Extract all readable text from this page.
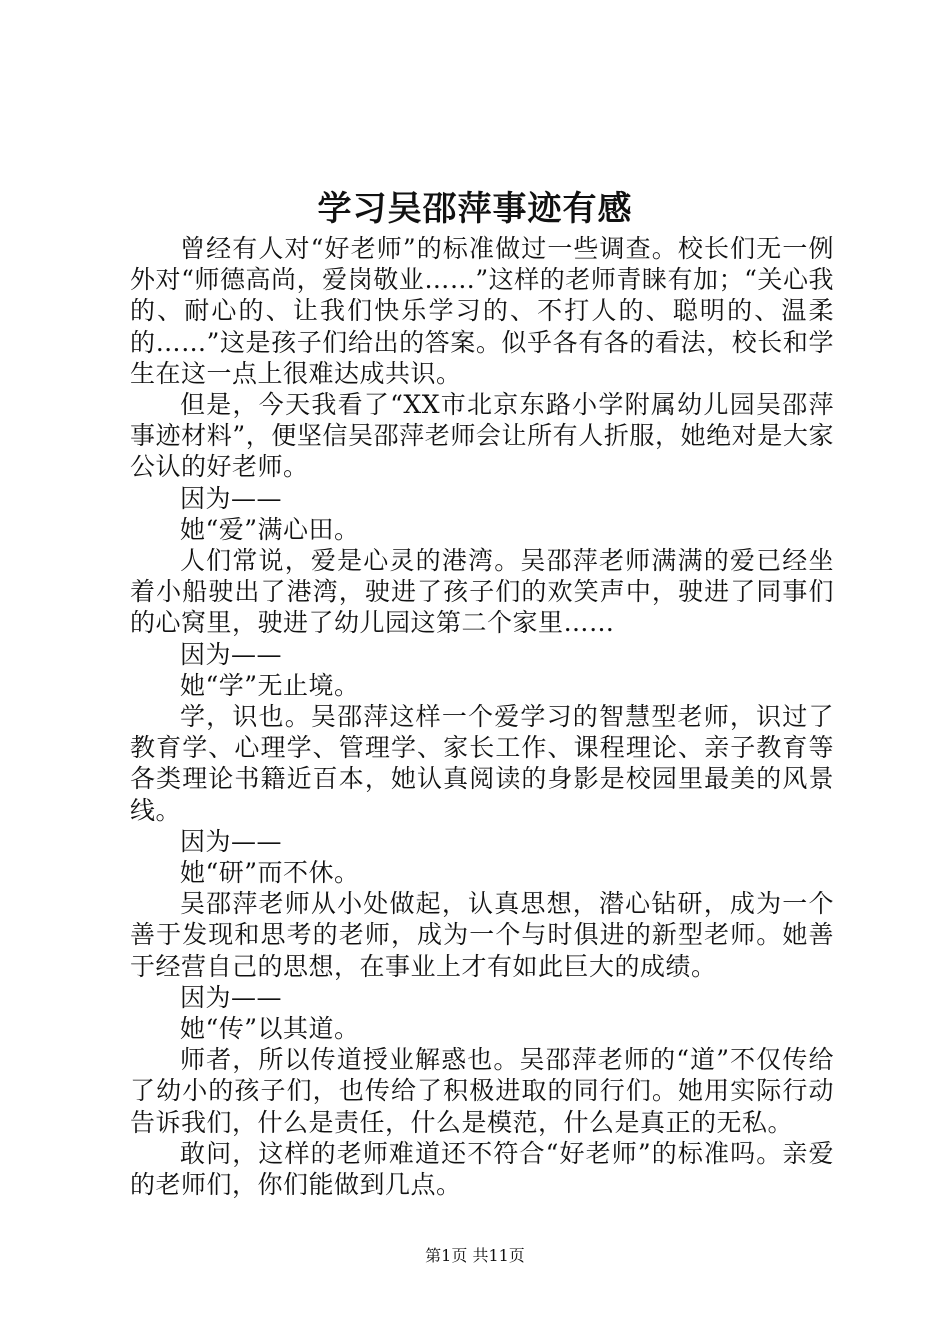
学习吴邵萍事迹有感

曾经有人对“好老师”的标准做过一些调查。校长们无一例外对“师德高尚，爱岗敬业……”这样的老师青睐有加；“关心我的、耐心的、让我们快乐学习的、不打人的、聪明的、温柔的……”这是孩子们给出的答案。似乎各有各的看法，校长和学生在这一点上很难达成共识。

但是，今天我看了“XX市北京东路小学附属幼儿园吴邵萍事迹材料”，便坚信吴邵萍老师会让所有人折服，她绝对是大家公认的好老师。

因为——

她“爱”满心田。

人们常说，爱是心灵的港湾。吴邵萍老师满满的爱已经坐着小船驶出了港湾，驶进了孩子们的欢笑声中，驶进了同事们的心窝里，驶进了幼儿园这第二个家里……

因为——

她“学”无止境。

学，识也。吴邵萍这样一个爱学习的智慧型老师，识过了教育学、心理学、管理学、家长工作、课程理论、亲子教育等各类理论书籍近百本，她认真阅读的身影是校园里最美的风景线。

因为——

她“研”而不休。

吴邵萍老师从小处做起，认真思想，潜心钻研，成为一个善于发现和思考的老师，成为一个与时俱进的新型老师。她善于经营自己的思想，在事业上才有如此巨大的成绩。

因为——

她“传”以其道。

师者，所以传道授业解惑也。吴邵萍老师的“道”不仅传给了幼小的孩子们，也传给了积极进取的同行们。她用实际行动告诉我们，什么是责任，什么是模范，什么是真正的无私。

敢问，这样的老师难道还不符合“好老师”的标准吗。亲爱的老师们，你们能做到几点。

第1页 共11页
